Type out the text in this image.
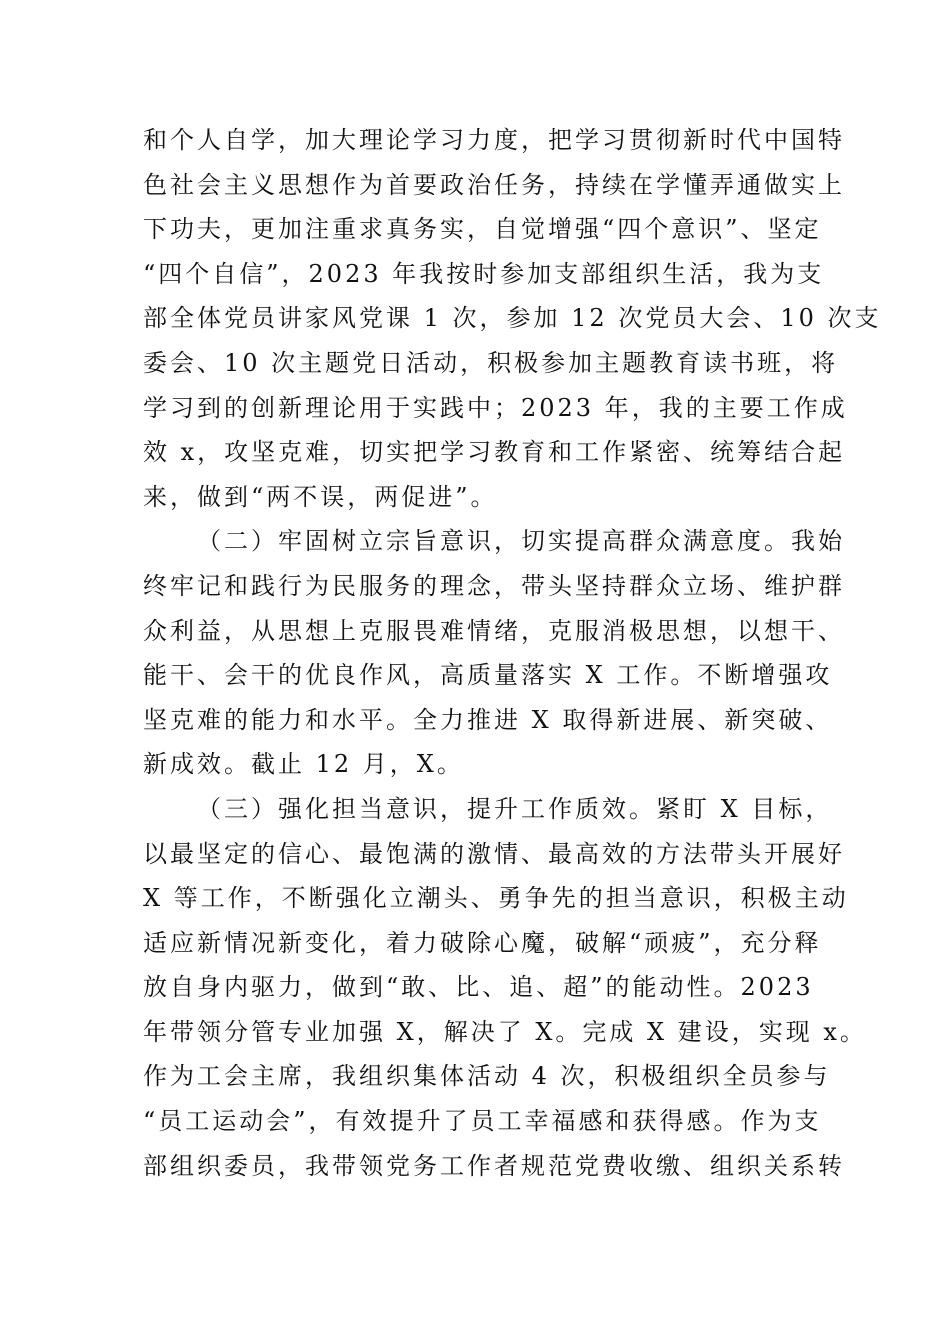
和个人自学，加大理论学习力度，把学习贯彻新时代中国特
色社会主义思想作为首要政治任务，持续在学懂弄通做实上
下功夫，更加注重求真务实，自觉增强“四个意识”、坚定
“四个自信”，2023 年我按时参加支部组织生活，我为支
部全体党员讲家风党课 1 次，参加 12 次党员大会、10 次支
委会、10 次主题党日活动，积极参加主题教育读书班，将
学习到的创新理论用于实践中；2023 年，我的主要工作成
效 x，攻坚克难，切实把学习教育和工作紧密、统筹结合起
来，做到“两不误，两促进”。
（二）牢固树立宗旨意识，切实提高群众满意度。我始
终牢记和践行为民服务的理念，带头坚持群众立场、维护群
众利益，从思想上克服畏难情绪，克服消极思想，以想干、
能干、会干的优良作风，高质量落实 X 工作。不断增强攻
坚克难的能力和水平。全力推进 X 取得新进展、新突破、
新成效。截止 12 月，X。
（三）强化担当意识，提升工作质效。紧盯 X 目标，
以最坚定的信心、最饱满的激情、最高效的方法带头开展好
X 等工作，不断强化立潮头、勇争先的担当意识，积极主动
适应新情况新变化，着力破除心魔，破解“顽疲”，充分释
放自身内驱力，做到“敢、比、追、超”的能动性。2023
年带领分管专业加强 X，解决了 X。完成 X 建设，实现 x。
作为工会主席，我组织集体活动 4 次，积极组织全员参与
“员工运动会”，有效提升了员工幸福感和获得感。作为支
部组织委员，我带领党务工作者规范党费收缴、组织关系转
